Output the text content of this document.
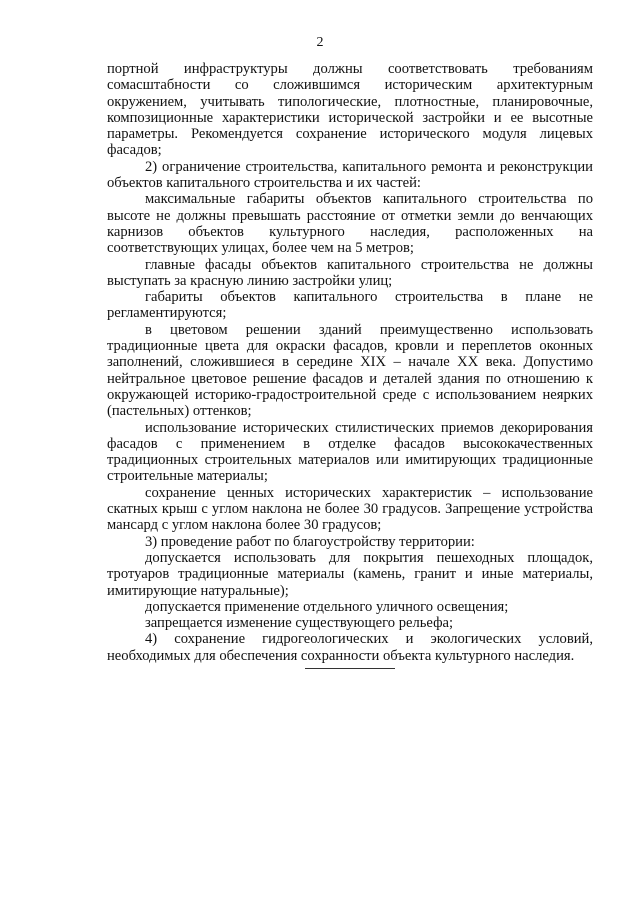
2

портной инфраструктуры должны соответствовать требованиям сомасштабности со сложившимся историческим архитектурным окружением, учитывать типологические, плотностные, планировочные, композиционные характеристики исторической застройки и ее высотные параметры. Рекомендуется сохранение исторического модуля лицевых фасадов;

2) ограничение строительства, капитального ремонта и реконструкции объектов капитального строительства и их частей:

максимальные габариты объектов капитального строительства по высоте не должны превышать расстояние от отметки земли до венчающих карнизов объектов культурного наследия, расположенных на соответствующих улицах, более чем на 5 метров;

главные фасады объектов капитального строительства не должны выступать за красную линию застройки улиц;

габариты объектов капитального строительства в плане не регламентируются;

в цветовом решении зданий преимущественно использовать традиционные цвета для окраски фасадов, кровли и переплетов оконных заполнений, сложившиеся в середине XIX – начале XX века. Допустимо нейтральное цветовое решение фасадов и деталей здания по отношению к окружающей историко-градостроительной среде с использованием неярких (пастельных) оттенков;

использование исторических стилистических приемов декорирования фасадов с применением в отделке фасадов высококачественных традиционных строительных материалов или имитирующих традиционные строительные материалы;

сохранение ценных исторических характеристик – использование скатных крыш с углом наклона не более 30 градусов. Запрещение устройства мансард с углом наклона более 30 градусов;

3) проведение работ по благоустройству территории:

допускается использовать для покрытия пешеходных площадок, тротуаров традиционные материалы (камень, гранит и иные материалы, имитирующие натуральные);

допускается применение отдельного уличного освещения;

запрещается изменение существующего рельефа;

4) сохранение гидрогеологических и экологических условий, необходимых для обеспечения сохранности объекта культурного наследия.
